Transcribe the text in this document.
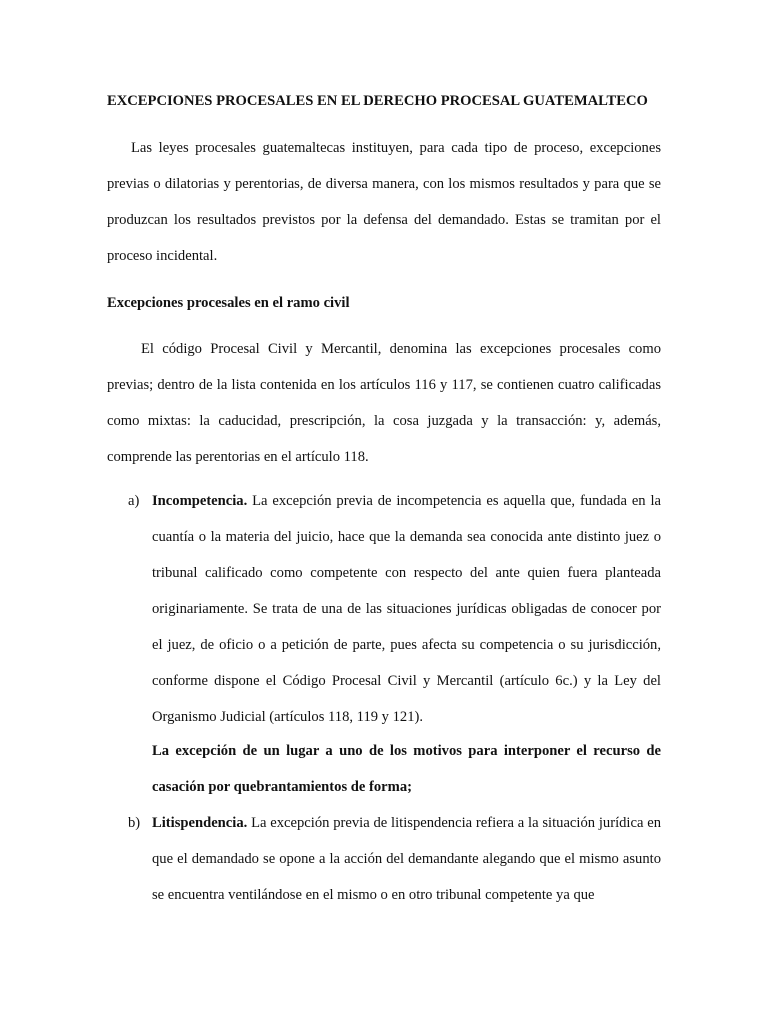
EXCEPCIONES PROCESALES EN EL DERECHO PROCESAL GUATEMALTECO
Las leyes procesales guatemaltecas instituyen, para cada tipo de proceso, excepciones previas o dilatorias y perentorias, de diversa manera, con los mismos resultados y para que se produzcan los resultados previstos por la defensa del demandado. Estas se tramitan por el proceso incidental.
Excepciones procesales en el ramo civil
El código Procesal Civil y Mercantil, denomina las excepciones procesales como previas; dentro de la lista contenida en los artículos 116 y 117, se contienen cuatro calificadas como mixtas: la caducidad, prescripción, la cosa juzgada y la transacción: y, además, comprende las perentorias en el artículo 118.
a) Incompetencia. La excepción previa de incompetencia es aquella que, fundada en la cuantía o la materia del juicio, hace que la demanda sea conocida ante distinto juez o tribunal calificado como competente con respecto del ante quien fuera planteada originariamente. Se trata de una de las situaciones jurídicas obligadas de conocer por el juez, de oficio o a petición de parte, pues afecta su competencia o su jurisdicción, conforme dispone el Código Procesal Civil y Mercantil (artículo 6c.) y la Ley del Organismo Judicial (artículos 118, 119 y 121).
La excepción de un lugar a uno de los motivos para interponer el recurso de casación por quebrantamientos de forma;
b) Litispendencia. La excepción previa de litispendencia refiera a la situación jurídica en que el demandado se opone a la acción del demandante alegando que el mismo asunto se encuentra ventilándose en el mismo o en otro tribunal competente ya que
